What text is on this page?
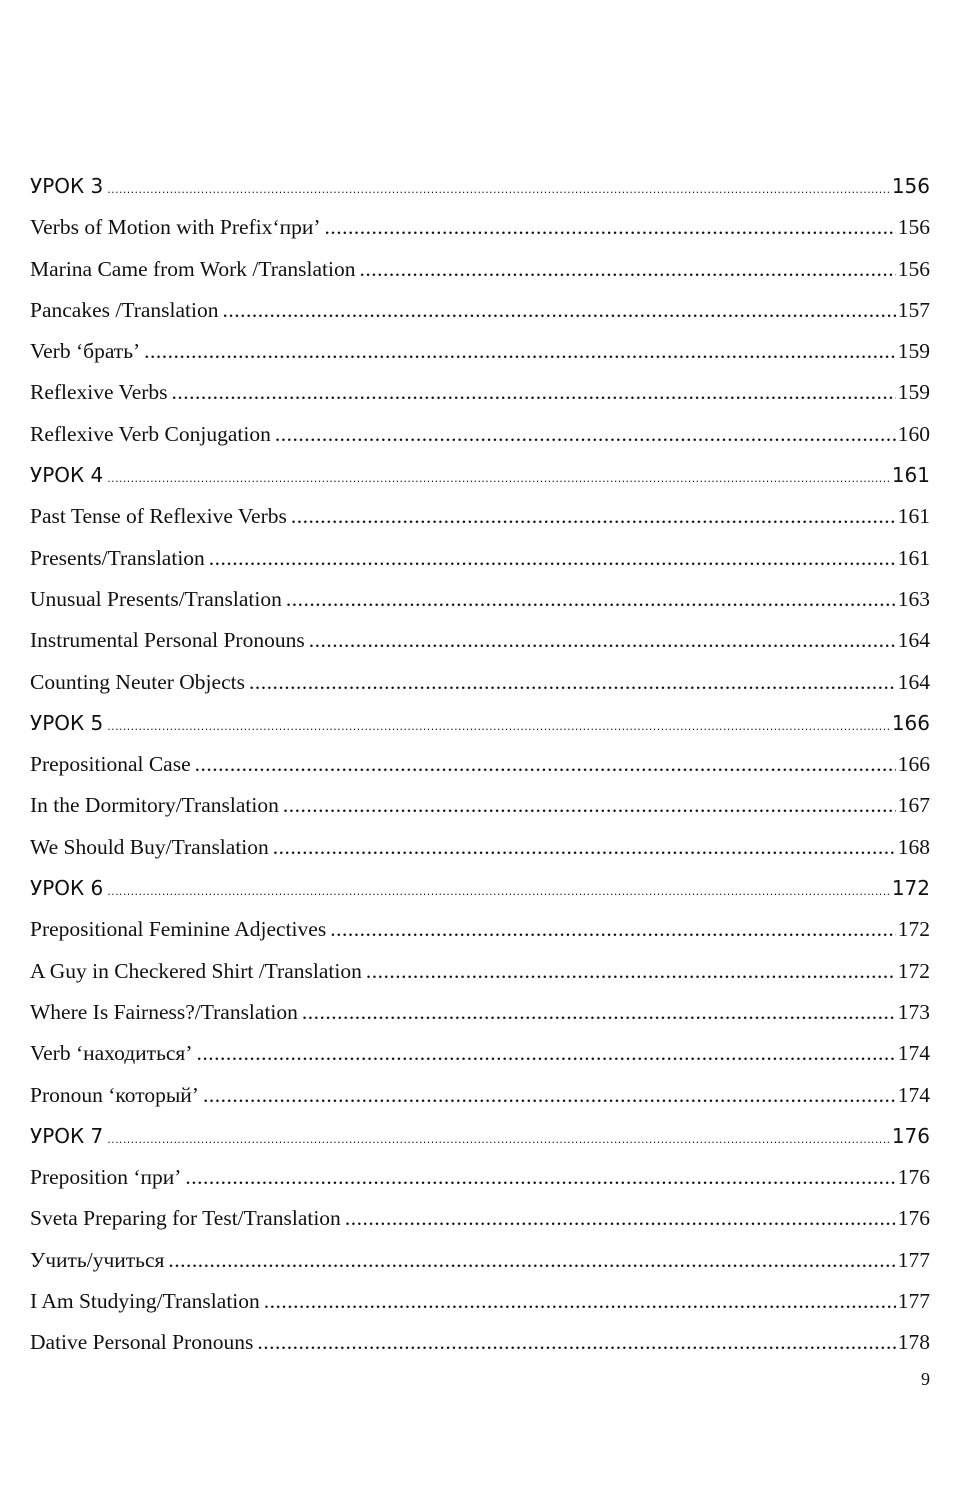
УРОК 3 .....	156
Verbs of Motion with Prefix‘при’ .....	156
Marina Came from Work /Translation .....	156
Pancakes /Translation .....	157
Verb ‘брать’ .....	159
Reflexive Verbs .....	159
Reflexive Verb Conjugation .....	160
УРОК 4 .....	161
Past Tense of Reflexive Verbs .....	161
Presents/Translation .....	161
Unusual Presents/Translation .....	163
Instrumental Personal Pronouns .....	164
Counting Neuter Objects .....	164
УРОК 5 .....	166
Prepositional Case .....	166
In the Dormitory/Translation .....	167
We Should Buy/Translation .....	168
УРОК 6 .....	172
Prepositional Feminine Adjectives .....	172
A Guy in Checkered Shirt /Translation .....	172
Where Is Fairness?/Translation .....	173
Verb ‘находиться’ .....	174
Pronoun ‘который’ .....	174
УРОК 7 .....	176
Preposition ‘при’ .....	176
Sveta Preparing for Test/Translation .....	176
Учить/учиться .....	177
I Am Studying/Translation .....	177
Dative Personal Pronouns .....	178
9
